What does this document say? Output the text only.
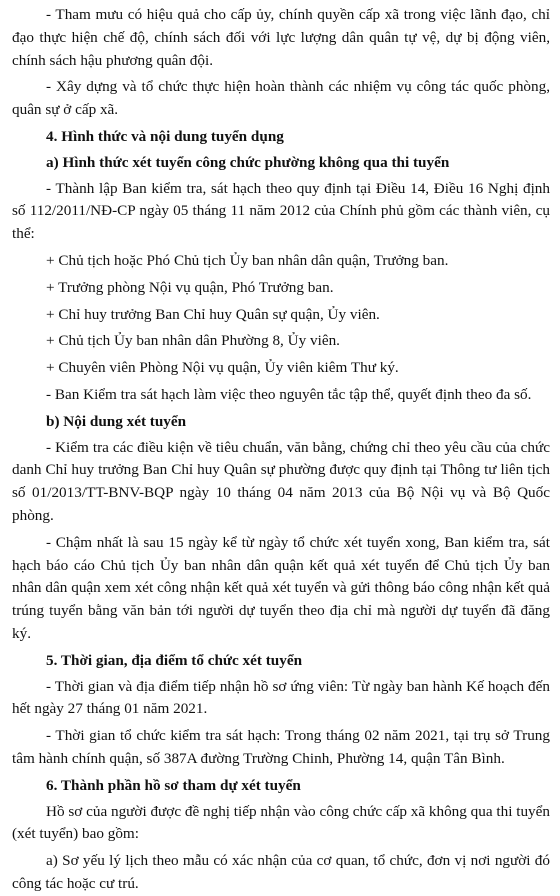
- Tham mưu có hiệu quả cho cấp ủy, chính quyền cấp xã trong việc lãnh đạo, chỉ đạo thực hiện chế độ, chính sách đối với lực lượng dân quân tự vệ, dự bị động viên, chính sách hậu phương quân đội.

- Xây dựng và tổ chức thực hiện hoàn thành các nhiệm vụ công tác quốc phòng, quân sự ở cấp xã.

4. Hình thức và nội dung tuyển dụng

a) Hình thức xét tuyển công chức phường không qua thi tuyển

- Thành lập Ban kiểm tra, sát hạch theo quy định tại Điều 14, Điều 16 Nghị định số 112/2011/NĐ-CP ngày 05 tháng 11 năm 2012 của Chính phủ gồm các thành viên, cụ thể:

+ Chủ tịch hoặc Phó Chủ tịch Ủy ban nhân dân quận, Trưởng ban.

+ Trưởng phòng Nội vụ quận, Phó Trưởng ban.

+ Chỉ huy trưởng Ban Chỉ huy Quân sự quận, Ủy viên.

+ Chủ tịch Ủy ban nhân dân Phường 8, Ủy viên.

+ Chuyên viên Phòng Nội vụ quận, Ủy viên kiêm Thư ký.

- Ban Kiểm tra sát hạch làm việc theo nguyên tắc tập thể, quyết định theo đa số.

b) Nội dung xét tuyển

- Kiểm tra các điều kiện về tiêu chuẩn, văn bằng, chứng chỉ theo yêu cầu của chức danh Chỉ huy trưởng Ban Chỉ huy Quân sự phường được quy định tại Thông tư liên tịch số 01/2013/TT-BNV-BQP ngày 10 tháng 04 năm 2013 của Bộ Nội vụ và Bộ Quốc phòng.

- Chậm nhất là sau 15 ngày kể từ ngày tổ chức xét tuyển xong, Ban kiểm tra, sát hạch báo cáo Chủ tịch Ủy ban nhân dân quận kết quả xét tuyển để Chủ tịch Ủy ban nhân dân quận xem xét công nhận kết quả xét tuyển và gửi thông báo công nhận kết quả trúng tuyển bằng văn bản tới người dự tuyển theo địa chỉ mà người dự tuyển đã đăng ký.

5. Thời gian, địa điểm tổ chức xét tuyển

- Thời gian và địa điểm tiếp nhận hồ sơ ứng viên: Từ ngày ban hành Kế hoạch đến hết ngày 27 tháng 01 năm 2021.

- Thời gian tổ chức kiểm tra sát hạch: Trong tháng 02 năm 2021, tại trụ sở Trung tâm hành chính quận, số 387A đường Trường Chinh, Phường 14, quận Tân Bình.

6. Thành phần hồ sơ tham dự xét tuyển

Hồ sơ của người được đề nghị tiếp nhận vào công chức cấp xã không qua thi tuyển (xét tuyển) bao gồm:

a) Sơ yếu lý lịch theo mẫu có xác nhận của cơ quan, tổ chức, đơn vị nơi người đó công tác hoặc cư trú.
